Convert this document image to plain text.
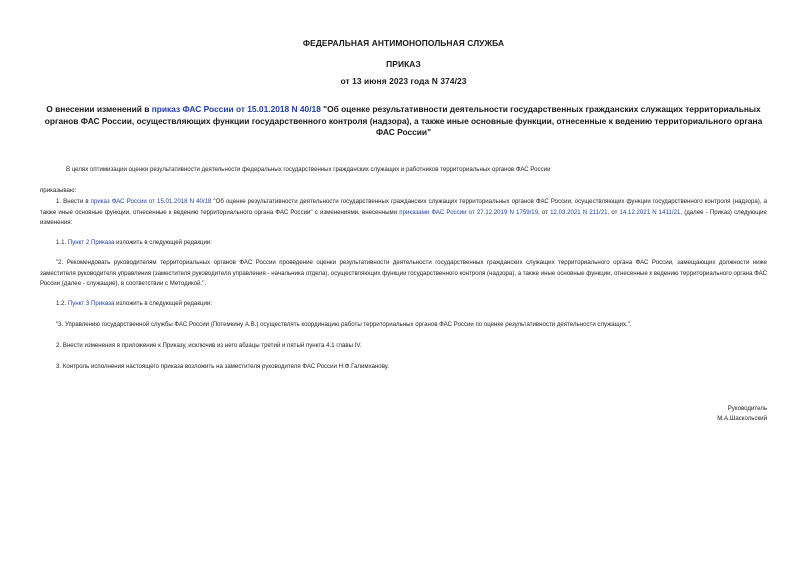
ФЕДЕРАЛЬНАЯ АНТИМОНОПОЛЬНАЯ СЛУЖБА
ПРИКАЗ
от 13 июня 2023 года N 374/23
О внесении изменений в приказ ФАС России от 15.01.2018 N 40/18 "Об оценке результативности деятельности государственных гражданских служащих территориальных органов ФАС России, осуществляющих функции государственного контроля (надзора), а также иные основные функции, отнесенные к ведению территориального органа ФАС России"
В целях оптимизации оценки результативности деятельности федеральных государственных гражданских служащих и работников территориальных органов ФАС России
приказываю:
1. Внести в приказ ФАС России от 15.01.2018 N 40/18 "Об оценке результативности деятельности государственных гражданских служащих территориальных органов ФАС России, осуществляющих функции государственного контроля (надзора), а также иные основные функции, отнесенные к ведению территориального органа ФАС России" с изменениями, внесенными приказами ФАС России от 27.12.2019 N 1759/19, от 12.03.2021 N 211/21, от 14.12.2021 N 1411/21, (далее - Приказ) следующие изменения:
1.1. Пункт 2 Приказа изложить в следующей редакции:
"2. Рекомендовать руководителям территориальных органов ФАС России проведение оценки результативности деятельности государственных гражданских служащих территориального органа ФАС России, замещающих должности ниже заместителя руководителя управления (заместителя руководителя управления - начальника отдела), осуществляющих функции государственного контроля (надзора), а также иные основные функции, отнесенные к ведению территориального органа ФАС России (далее - служащие), в соответствии с Методикой.".
1.2. Пункт 3 Приказа изложить в следующей редакции:
"3. Управлению государственной службы ФАС России (Потемкину А.В.) осуществлять координацию работы территориальных органов ФАС России по оценке результативности деятельности служащих.".
2. Внести изменения в приложение к Приказу, исключив из него абзацы третий и пятый пункта 4.1 главы IV.
3. Контроль исполнения настоящего приказа возложить на заместителя руководителя ФАС России Н.Ф.Галимханову.
Руководитель
М.А.Шаскольский
